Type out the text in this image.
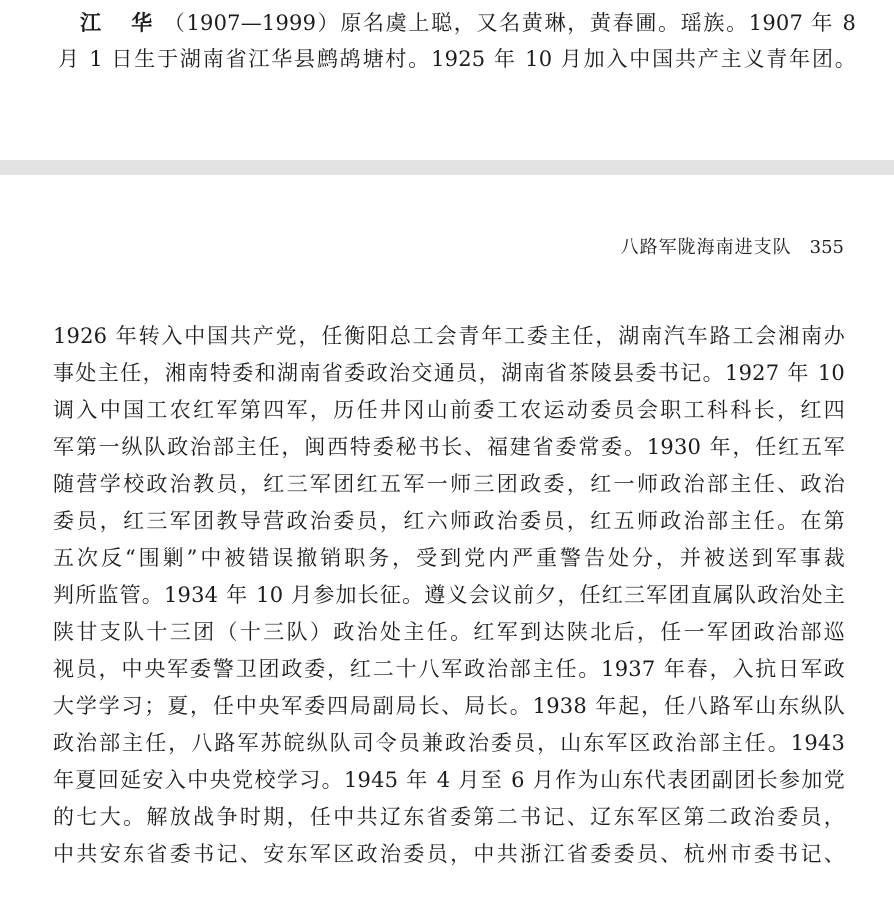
江 华（1907—1999）原名虞上聪，又名黄琳，黄春圃。瑶族。1907 年 8
月 1 日生于湖南省江华县鹧鸪塘村。1925 年 10 月加入中国共产主义青年团。
八路军陇海南进支队 355
1926 年转入中国共产党，任衡阳总工会青年工委主任，湖南汽车路工会湘南办
事处主任，湘南特委和湖南省委政治交通员，湖南省茶陵县委书记。1927 年 10
调入中国工农红军第四军，历任井冈山前委工农运动委员会职工科科长，红四
军第一纵队政治部主任，闽西特委秘书长、福建省委常委。1930 年，任红五军
随营学校政治教员，红三军团红五军一师三团政委，红一师政治部主任、政治
委员，红三军团教导营政治委员，红六师政治委员，红五师政治部主任。在第
五次反“围剿”中被错误撤销职务，受到党内严重警告处分，并被送到军事裁
判所监管。1934 年 10 月参加长征。遵义会议前夕，任红三军团直属队政治处主
陕甘支队十三团（十三队）政治处主任。红军到达陕北后，任一军团政治部巡
视员，中央军委警卫团政委，红二十八军政治部主任。1937 年春，入抗日军政
大学学习；夏，任中央军委四局副局长、局长。1938 年起，任八路军山东纵队
政治部主任，八路军苏皖纵队司令员兼政治委员，山东军区政治部主任。1943
年夏回延安入中央党校学习。1945 年 4 月至 6 月作为山东代表团副团长参加党
的七大。解放战争时期，任中共辽东省委第二书记、辽东军区第二政治委员，
中共安东省委书记、安东军区政治委员，中共浙江省委委员、杭州市委书记、
